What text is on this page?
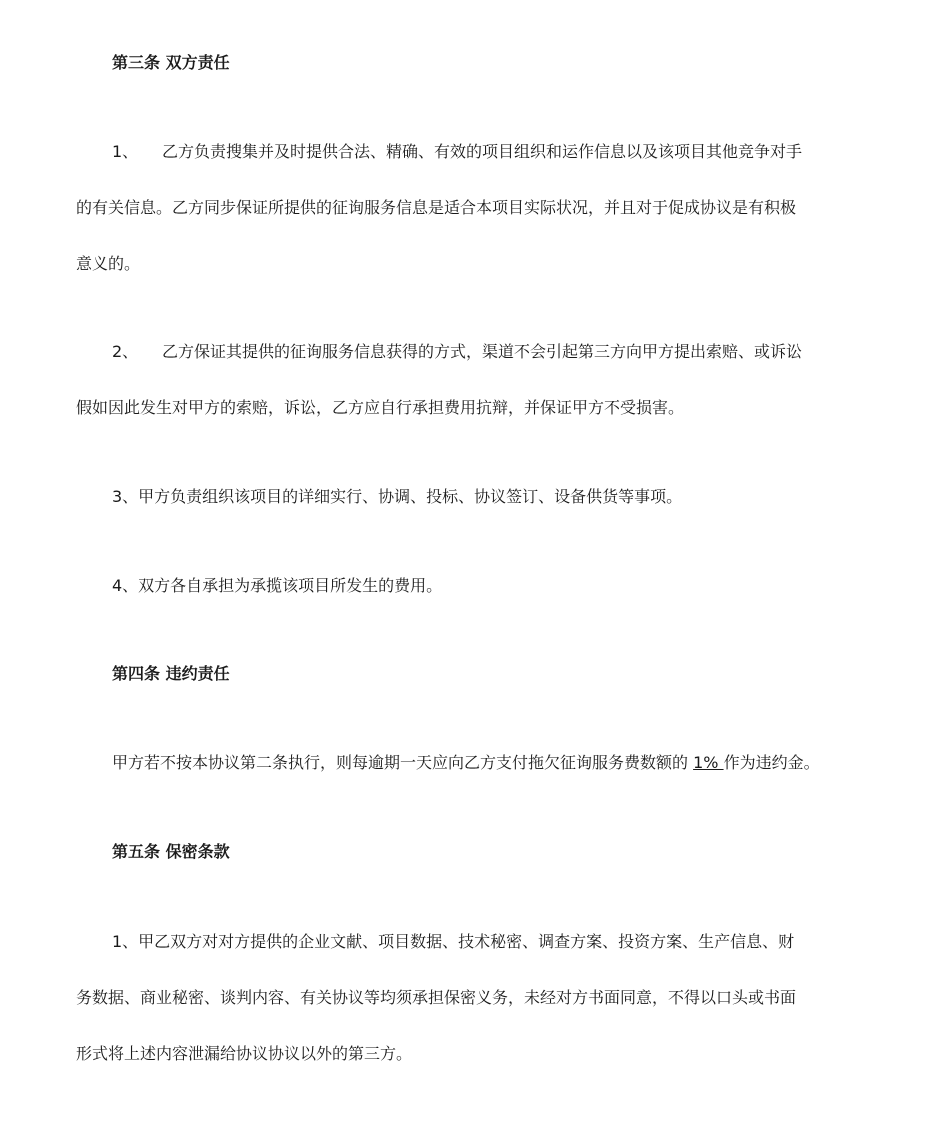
第三条 双方责任

1、 乙方负责搜集并及时提供合法、精确、有效的项目组织和运作信息以及该项目其他竞争对手

的有关信息。乙方同步保证所提供的征询服务信息是适合本项目实际状况，并且对于促成协议是有积极

意义的。

2、 乙方保证其提供的征询服务信息获得的方式，渠道不会引起第三方向甲方提出索赔、或诉讼

假如因此发生对甲方的索赔，诉讼，乙方应自行承担费用抗辩，并保证甲方不受损害。

3、甲方负责组织该项目的详细实行、协调、投标、协议签订、设备供货等事项。

4、双方各自承担为承揽该项目所发生的费用。

第四条 违约责任

甲方若不按本协议第二条执行，则每逾期一天应向乙方支付拖欠征询服务费数额的 1% 作为违约金。

第五条 保密条款

1、甲乙双方对对方提供的企业文献、项目数据、技术秘密、调查方案、投资方案、生产信息、财

务数据、商业秘密、谈判内容、有关协议等均须承担保密义务，未经对方书面同意，不得以口头或书面

形式将上述内容泄漏给协议协议以外的第三方。
